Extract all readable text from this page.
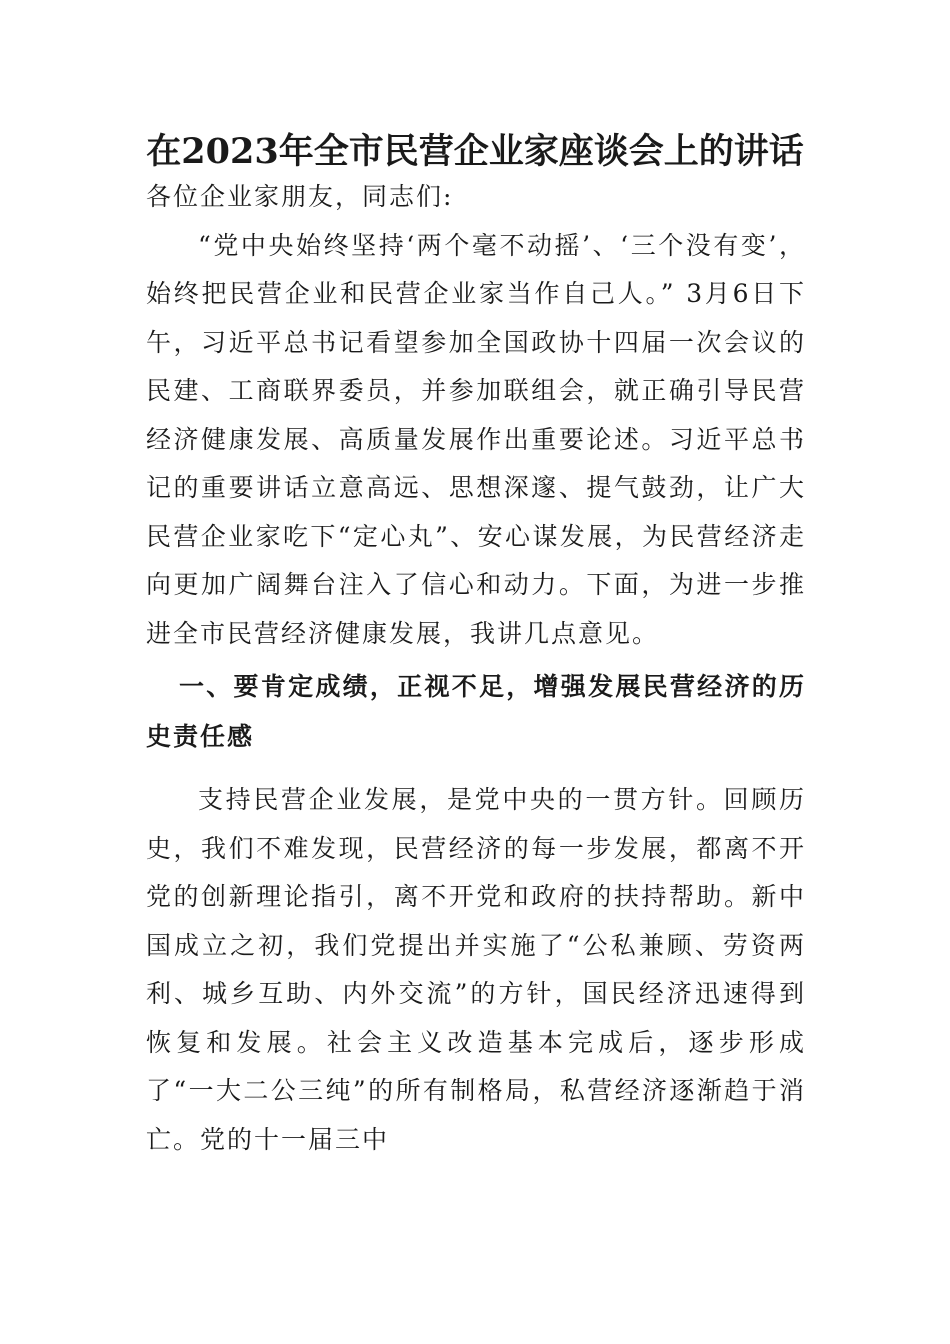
在2023年全市民营企业家座谈会上的讲话

各位企业家朋友，同志们:

“党中央始终坚持‘两个毫不动摇’、‘三个没有变’，始终把民营企业和民营企业家当作自己人。” 3月6日下午，习近平总书记看望参加全国政协十四届一次会议的民建、工商联界委员，并参加联组会，就正确引导民营经济健康发展、高质量发展作出重要论述。习近平总书记的重要讲话立意高远、思想深邃、提气鼓劲，让广大民营企业家吃下“定心丸”、安心谋发展，为民营经济走向更加广阔舞台注入了信心和动力。下面，为进一步推进全市民营经济健康发展，我讲几点意见。

一、要肯定成绩，正视不足，增强发展民营经济的历史责任感

支持民营企业发展，是党中央的一贯方针。回顾历史，我们不难发现，民营经济的每一步发展，都离不开党的创新理论指引，离不开党和政府的扶持帮助。新中国成立之初，我们党提出并实施了“公私兼顾、劳资两利、城乡互助、内外交流”的方针，国民经济迅速得到恢复和发展。社会主义改造基本完成后，逐步形成了“一大二公三纯”的所有制格局，私营经济逐渐趋于消亡。党的十一届三中
